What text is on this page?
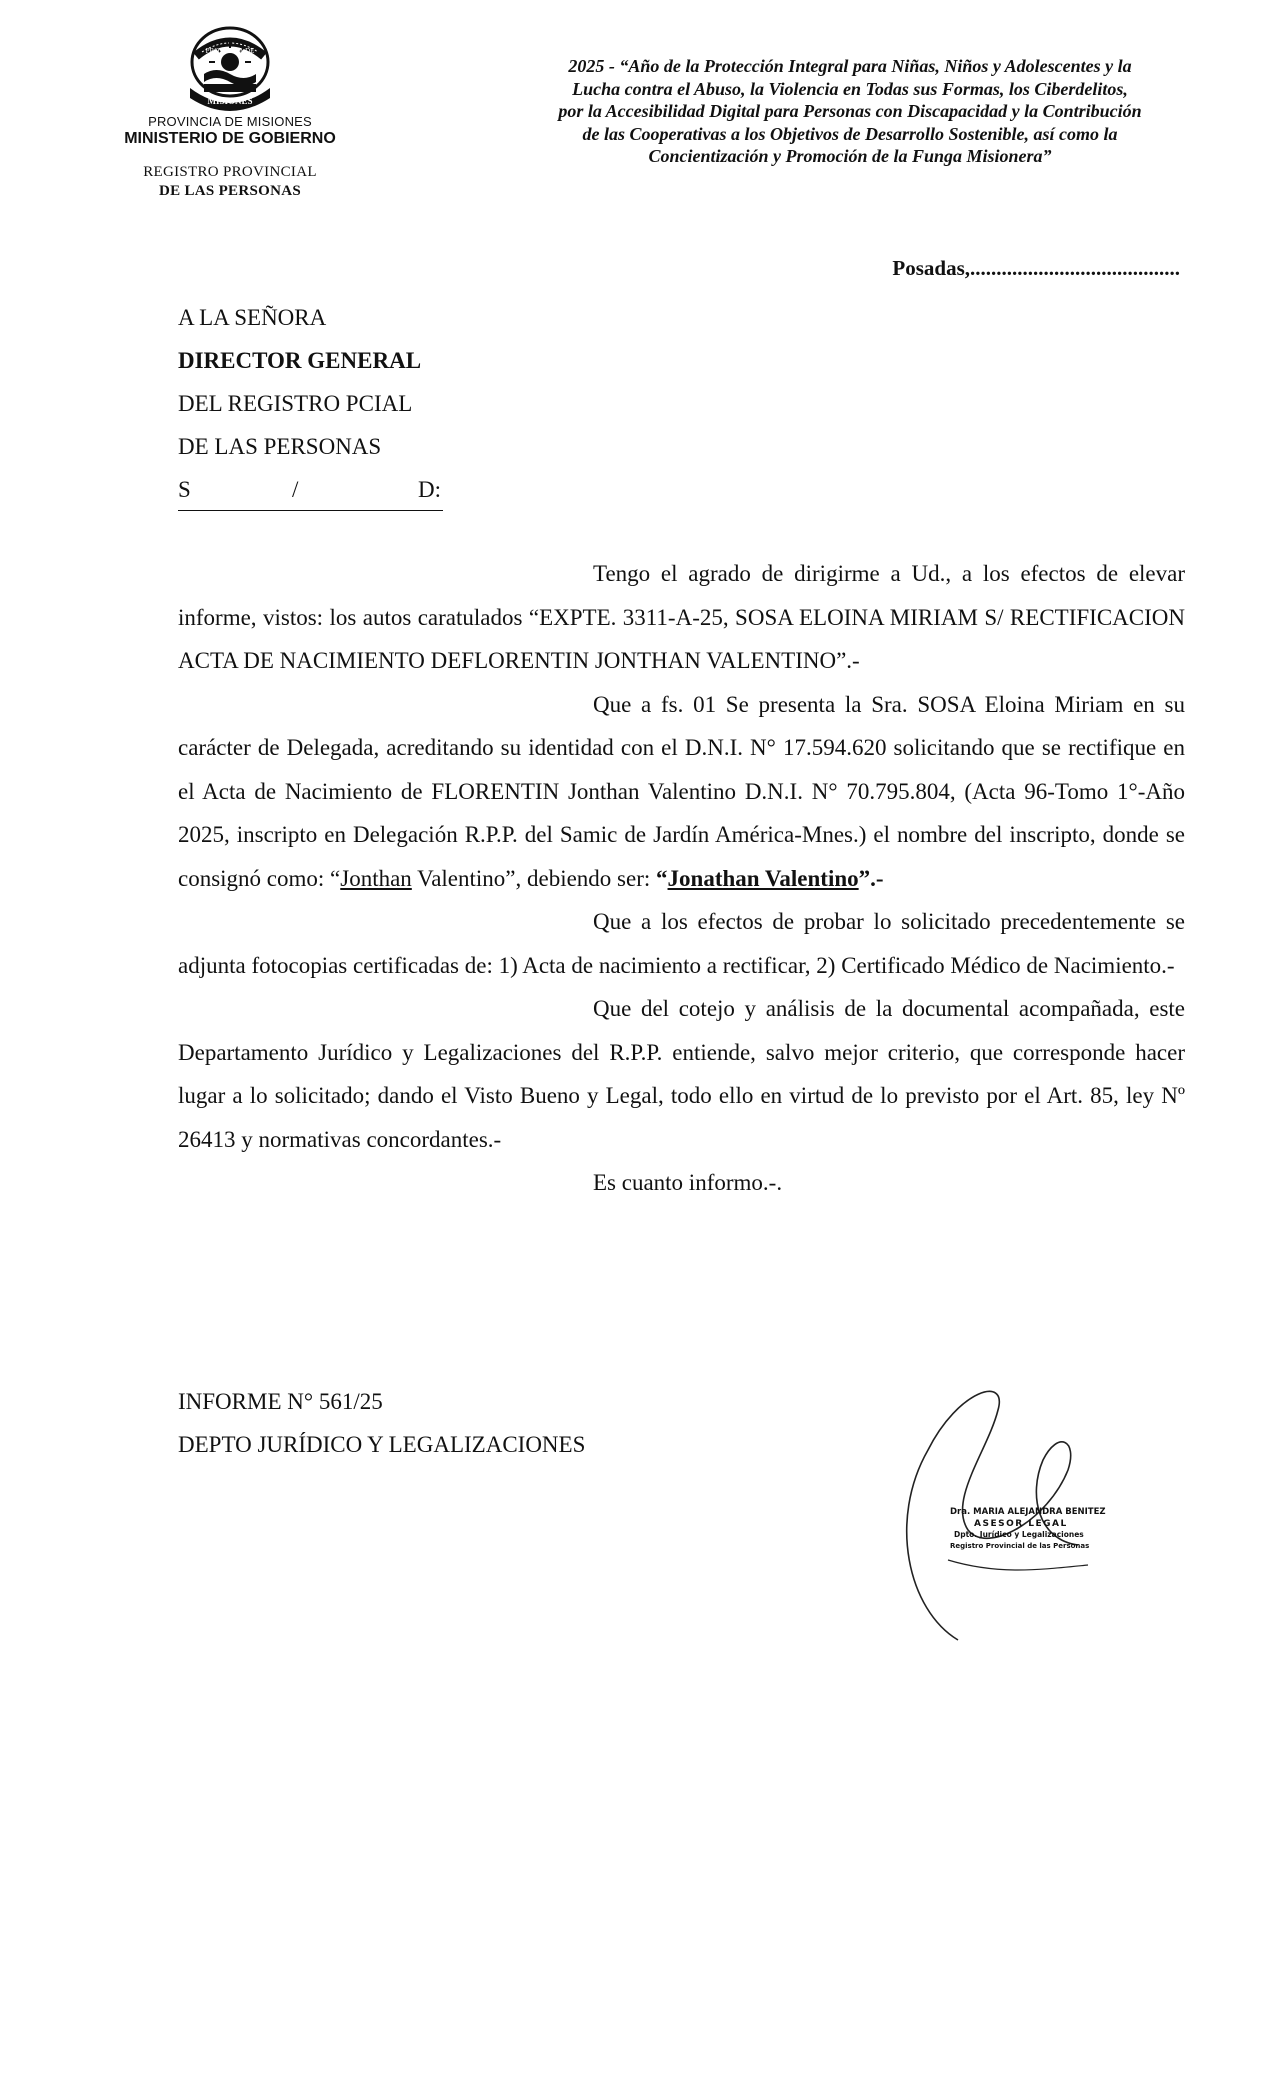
PROVINCIA DE
MISIONES
PROVINCIA DE MISIONES
MINISTERIO DE GOBIERNO
REGISTRO PROVINCIAL
DE LAS PERSONAS
2025 - “Año de la Protección Integral para Niñas, Niños y Adolescentes y la
Lucha contra el Abuso, la Violencia en Todas sus Formas, los Ciberdelitos,
por la Accesibilidad Digital para Personas con Discapacidad y la Contribución
de las Cooperativas a los Objetivos de Desarrollo Sostenible, así como la
Concientización y Promoción de la Funga Misionera”
Posadas,........................................
A LA SEÑORA
DIRECTOR GENERAL
DEL REGISTRO PCIAL
DE LAS PERSONAS
S	/	D:

Tengo el agrado de dirigirme a Ud., a los efectos de elevar informe, vistos: los autos caratulados “EXPTE. 3311-A-25, SOSA ELOINA MIRIAM S/ RECTIFICACION ACTA DE NACIMIENTO DEFLORENTIN JONTHAN VALENTINO”.-

Que a fs. 01 Se presenta la Sra. SOSA Eloina Miriam en su carácter de Delegada, acreditando su identidad con el D.N.I. N° 17.594.620 solicitando que se rectifique en el Acta de Nacimiento de FLORENTIN Jonthan Valentino D.N.I. N° 70.795.804, (Acta 96-Tomo 1°-Año 2025, inscripto en Delegación R.P.P. del Samic de Jardín América-Mnes.) el nombre del inscripto, donde se consignó como: “Jonthan Valentino”, debiendo ser: “Jonathan Valentino”.-

Que a los efectos de probar lo solicitado precedentemente se adjunta fotocopias certificadas de: 1) Acta de nacimiento a rectificar, 2) Certificado Médico de Nacimiento.-

Que del cotejo y análisis de la documental acompañada, este Departamento Jurídico y Legalizaciones del R.P.P. entiende, salvo mejor criterio, que corresponde hacer lugar a lo solicitado; dando el Visto Bueno y Legal, todo ello en virtud de lo previsto por el Art. 85, ley Nº 26413 y normativas concordantes.-

Es cuanto informo.-.

INFORME N° 561/25
DEPTO JURÍDICO Y LEGALIZACIONES
Dra. MARIA ALEJANDRA BENITEZ
ASESOR LEGAL
Dpto. Jurídico y Legalizaciones
Registro Provincial de las Personas
